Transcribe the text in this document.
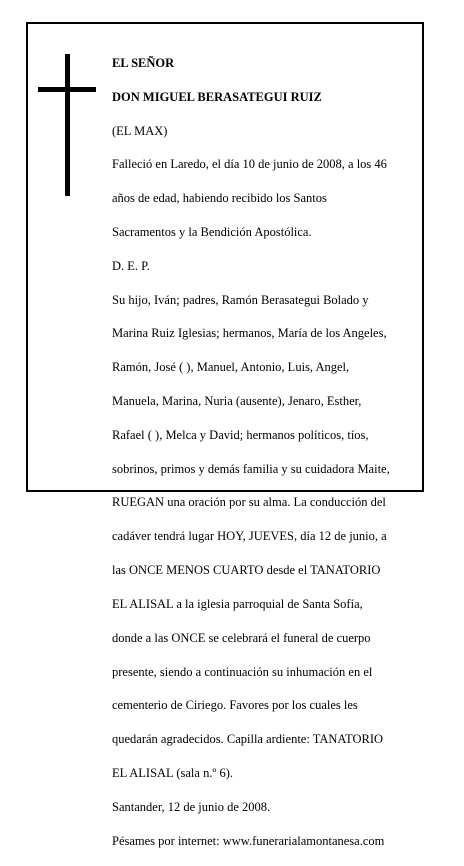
EL SEÑOR

DON MIGUEL BERASATEGUI RUIZ

(EL MAX)

Falleció en Laredo, el día 10 de junio de 2008, a los 46

años de edad, habiendo recibido los Santos

Sacramentos y la Bendición Apostólica.

D. E. P.

Su hijo, Iván; padres, Ramón Berasategui Bolado y

Marina Ruiz Iglesias; hermanos, María de los Angeles,

Ramón, José ( ), Manuel, Antonio, Luis, Angel,

Manuela, Marina, Nuria (ausente), Jenaro, Esther,

Rafael ( ), Melca y David; hermanos políticos, tíos,

sobrinos, primos y demás familia y su cuidadora Maite,

RUEGAN una oración por su alma. La conducción del

cadáver tendrá lugar HOY, JUEVES, día 12 de junio, a

las ONCE MENOS CUARTO desde el TANATORIO

EL ALISAL a la iglesia parroquial de Santa Sofía,

donde a las ONCE se celebrará el funeral de cuerpo

presente, siendo a continuación su inhumación en el

cementerio de Ciriego. Favores por los cuales les

quedarán agradecidos. Capilla ardiente: TANATORIO

EL ALISAL (sala n.º 6).

Santander, 12 de junio de 2008.

Pésames por internet: www.funerarialamontanesa.com
